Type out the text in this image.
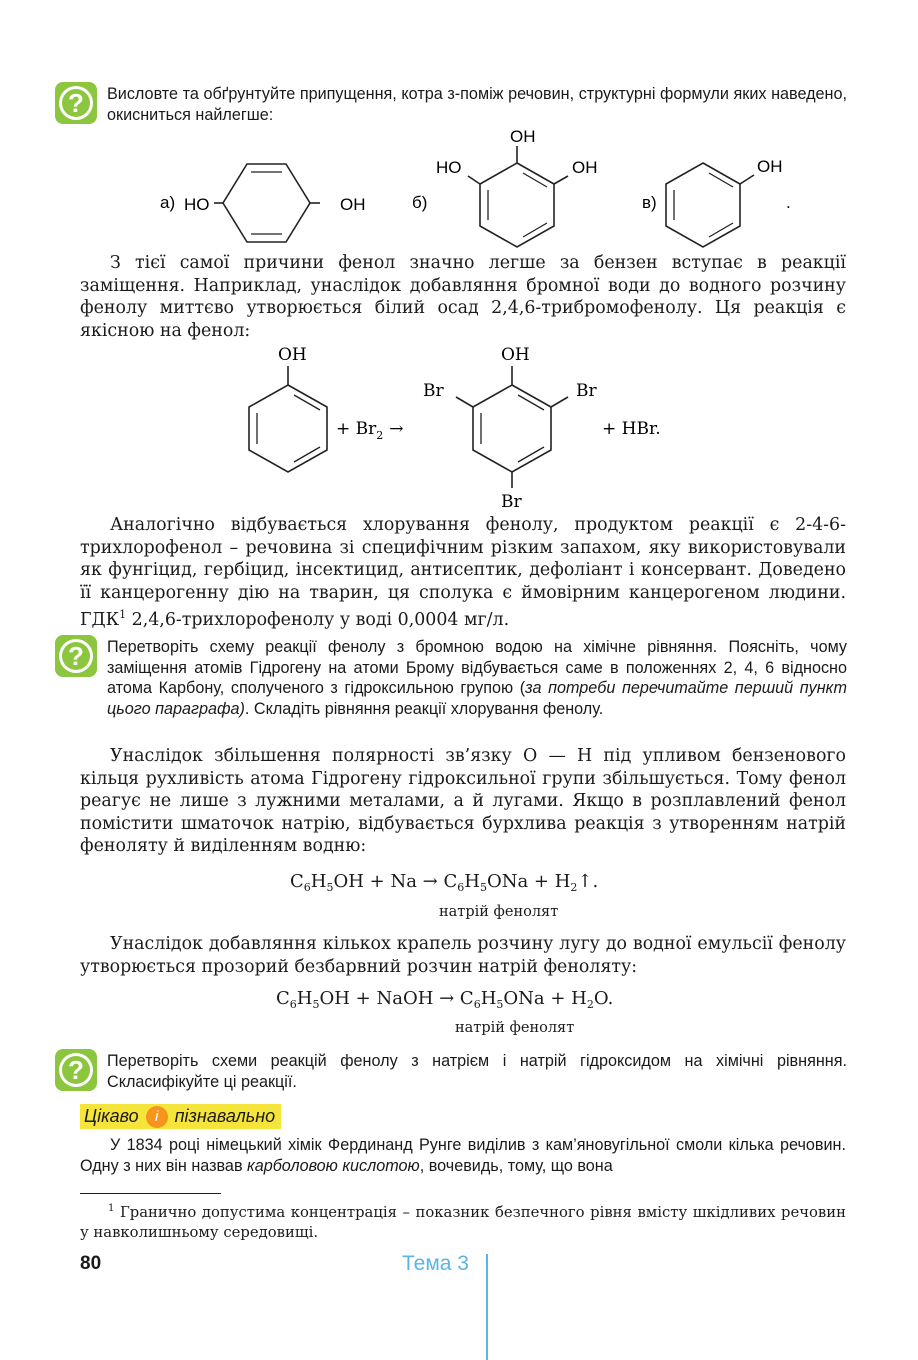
? Висловте та обґрунтуйте припущення, котра з-поміж речовин, структурні формули яких наведено, окисниться найлегше:
а) HO	OH	б)
OH
HO	OH
в)
OH
.
З тієї самої причини фенол значно легше за бензен вступає в реакції заміщення. Наприклад, унаслідок добавляння бромної води до водного розчину фенолу миттєво утворюється білий осад 2,4,6-трибромофенолу. Ця реакція є якісною на фенол:
OH
+ $Br_2$ →
OH
Br	Br
Br
+ HBr.
Аналогічно відбувається хлорування фенолу, продуктом реакції є 2-4-6-трихлорофенол – речовина зі специфічним різким запахом, яку використовували як фунгіцид, гербіцид, інсектицид, антисептик, дефоліант і консервант. Доведено її канцерогенну дію на тварин, ця сполука є ймовірним канцерогеном людини. ГДК$^1$ 2,4,6-трихлорофенолу у воді 0,0004 мг/л.
? Перетворіть схему реакції фенолу з бромною водою на хімічне рівняння. Поясніть, чому заміщення атомів Гідрогену на атоми Брому відбувається саме в положеннях 2, 4, 6 відносно атома Карбону, сполученого з гідроксильною групою (за потреби перечитайте перший пункт цього параграфа). Складіть рівняння реакції хлорування фенолу.
Унаслідок збільшення полярності зв’язку О — Н під упливом бензенового кільця рухливість атома Гідрогену гідроксильної групи збільшується. Тому фенол реагує не лише з лужними металами, а й лугами. Якщо в розплавлений фенол помістити шматочок натрію, відбувається бурхлива реакція з утворенням натрій феноляту й виділенням водню:
$C_6H_5OH + Na \to C_6H_5ONa$ + $H_2↑$.
натрій фенолят
Унаслідок добавляння кількох крапель розчину лугу до водної емульсії фенолу утворюється прозорий безбарвний розчин натрій феноляту:
$C_6H_5OH$ + NaOH → $C_6H_5ONa + H_2O$.
натрій фенолят
? Перетворіть схеми реакцій фенолу з натрієм і натрій гідроксидом на хімічні рівняння. Скласифікуйте ці реакції.
Цікаво і пізнавально
У 1834 році німецький хімік Фердинанд Рунге виділив з кам’яновугільної смоли кілька речовин. Одну з них він назвав карболовою кислотою, вочевидь, тому, що вона
$^1$ Гранично допустима концентрація – показник безпечного рівня вмісту шкідливих речовин у навколишньому середовищі.
80	Тема 3
